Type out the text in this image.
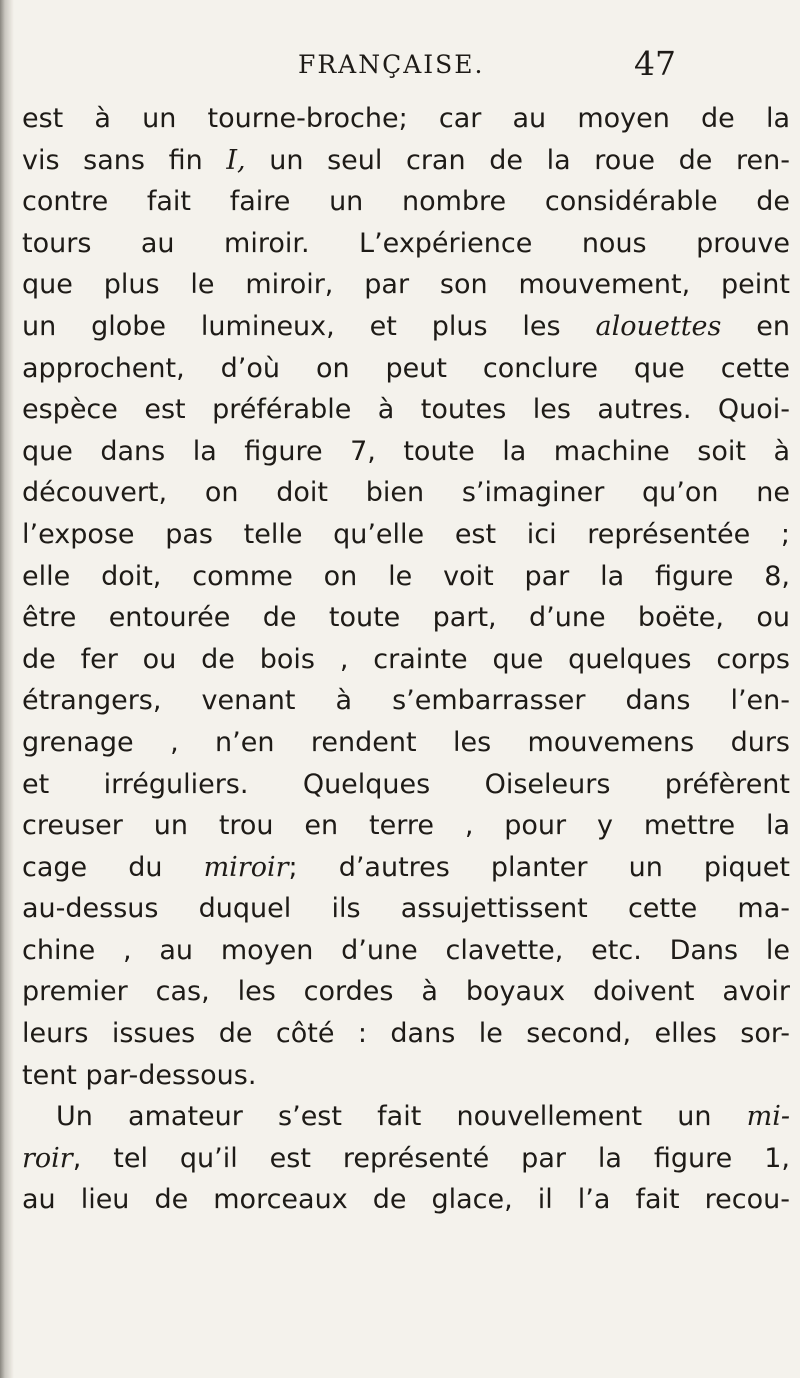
FRANÇAISE.	47
est à un tourne-broche; car au moyen de la
vis sans fin I, un seul cran de la roue de ren-
contre fait faire un nombre considérable de
tours au miroir. L’expérience nous prouve
que plus le miroir, par son mouvement, peint
un globe lumineux, et plus les alouettes en
approchent, d’où on peut conclure que cette
espèce est préférable à toutes les autres. Quoi-
que dans la figure 7, toute la machine soit à
découvert, on doit bien s’imaginer qu’on ne
l’expose pas telle qu’elle est ici représentée ;
elle doit, comme on le voit par la figure 8,
être entourée de toute part, d’une boëte, ou
de fer ou de bois , crainte que quelques corps
étrangers, venant à s’embarrasser dans l’en-
grenage , n’en rendent les mouvemens durs
et irréguliers. Quelques Oiseleurs préfèrent
creuser un trou en terre , pour y mettre la
cage du miroir; d’autres planter un piquet
au-dessus duquel ils assujettissent cette ma-
chine , au moyen d’une clavette, etc. Dans le
premier cas, les cordes à boyaux doivent avoir
leurs issues de côté : dans le second, elles sor-
tent par-dessous.
Un amateur s’est fait nouvellement un mi-
roir, tel qu’il est représenté par la figure 1,
au lieu de morceaux de glace, il l’a fait recou-
